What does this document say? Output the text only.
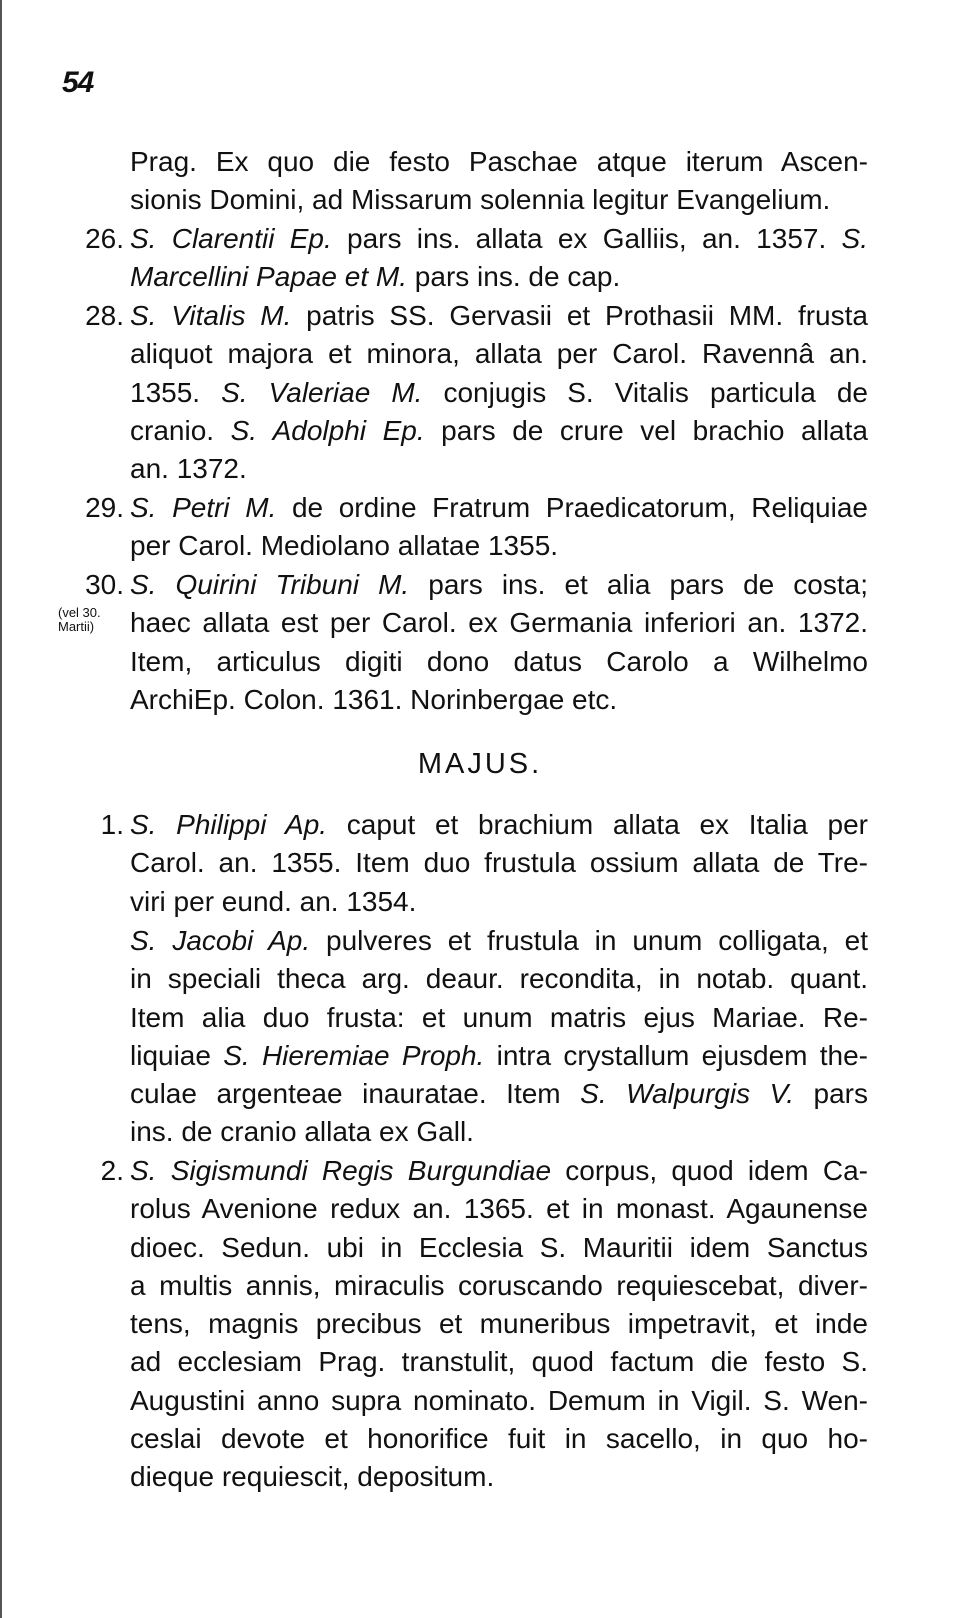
54
Prag. Ex quo die festo Paschae atque iterum Ascen-
sionis Domini, ad Missarum solennia legitur Evangelium.
26. S. Clarentii Ep. pars ins. allata ex Galliis, an. 1357. S.
Marcellini Papae et M. pars ins. de cap.
28. S. Vitalis M. patris SS. Gervasii et Prothasii MM. frusta
aliquot majora et minora, allata per Carol. Ravennâ an.
1355. S. Valeriae M. conjugis S. Vitalis particula de
cranio. S. Adolphi Ep. pars de crure vel brachio allata
an. 1372.
29. S. Petri M. de ordine Fratrum Praedicatorum, Reliquiae
per Carol. Mediolano allatae 1355.
30. S. Quirini Tribuni M. pars ins. et alia pars de costa;
haec allata est per Carol. ex Germania inferiori an. 1372.
Item, articulus digiti dono datus Carolo a Wilhelmo
ArchiEp. Colon. 1361. Norinbergae etc.
(vel 30.
Martii)
MAJUS.
1. S. Philippi Ap. caput et brachium allata ex Italia per
Carol. an. 1355. Item duo frustula ossium allata de Tre-
viri per eund. an. 1354.
S. Jacobi Ap. pulveres et frustula in unum colligata, et
in speciali theca arg. deaur. recondita, in notab. quant.
Item alia duo frusta: et unum matris ejus Mariae. Re-
liquiae S. Hieremiae Proph. intra crystallum ejusdem the-
culae argenteae inauratae. Item S. Walpurgis V. pars
ins. de cranio allata ex Gall.
2. S. Sigismundi Regis Burgundiae corpus, quod idem Ca-
rolus Avenione redux an. 1365. et in monast. Agaunense
dioec. Sedun. ubi in Ecclesia S. Mauritii idem Sanctus
a multis annis, miraculis coruscando requiescebat, diver-
tens, magnis precibus et muneribus impetravit, et inde
ad ecclesiam Prag. transtulit, quod factum die festo S.
Augustini anno supra nominato. Demum in Vigil. S. Wen-
ceslai devote et honorifice fuit in sacello, in quo ho-
dieque requiescit, depositum.
